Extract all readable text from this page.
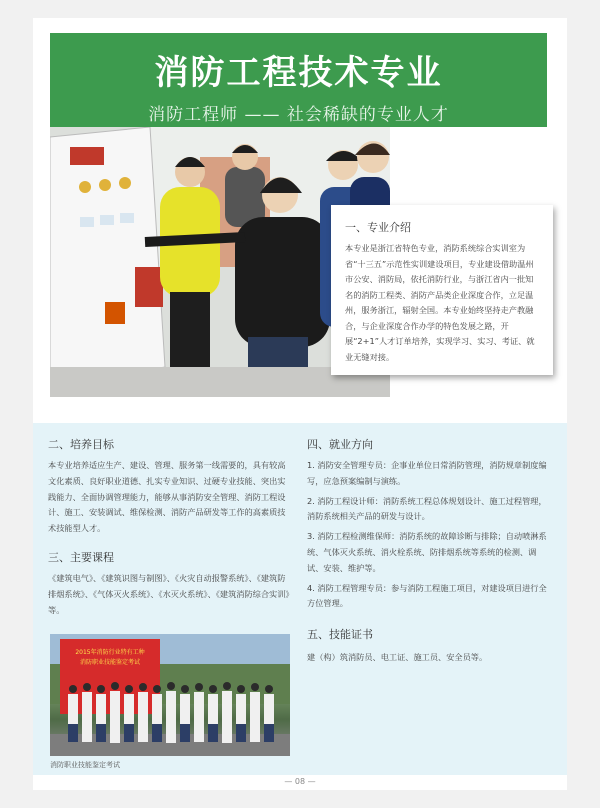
消防工程技术专业
消防工程师 —— 社会稀缺的专业人才
一、专业介绍

本专业是浙江省特色专业，消防系统综合实训室为省“十三五”示范性实训建设项目，专业建设借助温州市公安、消防局，依托消防行业，与浙江省内一批知名的消防工程类、消防产品类企业深度合作，立足温州，服务浙江，辐射全国。本专业始终坚持走产教融合，与企业深度合作办学的特色发展之路，开展“2+1”人才订单培养，实现学习、实习、考证、就业无缝对接。

二、培养目标

本专业培养适应生产、建设、管理、服务第一线需要的，具有较高文化素质、良好职业道德、扎实专业知识、过硬专业技能、突出实践能力、全面协调管理能力，能够从事消防安全管理、消防工程设计、施工、安装调试、维保检测、消防产品研发等工作的高素质技术技能型人才。

三、主要课程

《建筑电气》、《建筑识图与制图》、《火灾自动报警系统》、《建筑防排烟系统》、《气体灭火系统》、《水灭火系统》、《建筑消防综合实训》等。

四、就业方向

1. 消防安全管理专员：企事业单位日常消防管理，消防规章制度编写，应急预案编制与演练。

2. 消防工程设计师：消防系统工程总体规划设计、施工过程管理，消防系统相关产品的研发与设计。

3. 消防工程检测维保师：消防系统的故障诊断与排除；自动喷淋系统、气体灭火系统、消火栓系统、防排烟系统等系统的检测、调试、安装、维护等。

4. 消防工程管理专员：参与消防工程施工项目，对建设项目进行全方位管理。

五、技能证书

建（构）筑消防员、电工证、施工员、安全员等。

2015年消防行业特有工种
消防职业技能鉴定考试
消防职业技能鉴定考试
— 08 —
